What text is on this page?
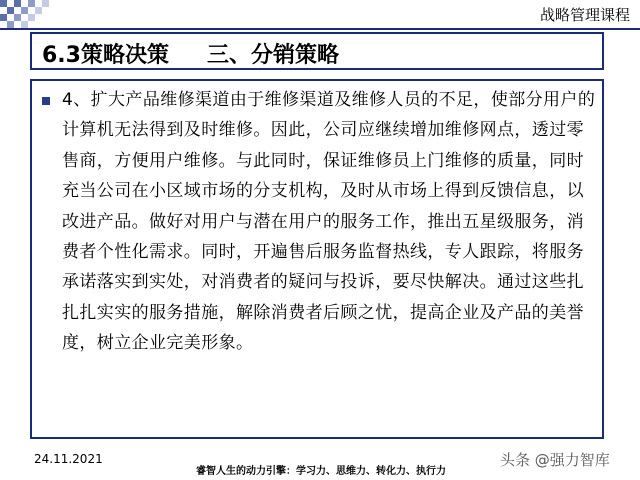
战略管理课程
6.3策略决策 三、分销策略
4、扩大产品维修渠道由于维修渠道及维修人员的不足，使部分用户的计算机无法得到及时维修。因此，公司应继续增加维修网点，透过零售商，方便用户维修。与此同时，保证维修员上门维修的质量，同时充当公司在小区域市场的分支机构，及时从市场上得到反馈信息，以改进产品。做好对用户与潜在用户的服务工作，推出五星级服务，消费者个性化需求。同时，开遍售后服务监督热线，专人跟踪，将服务承诺落实到实处，对消费者的疑问与投诉，要尽快解决。通过这些扎扎扎实实的服务措施，解除消费者后顾之忧，提高企业及产品的美誉度，树立企业完美形象。
24.11.2021
睿智人生的动力引擎：学习力、思维力、转化力、执行力
头条 @强力智库
